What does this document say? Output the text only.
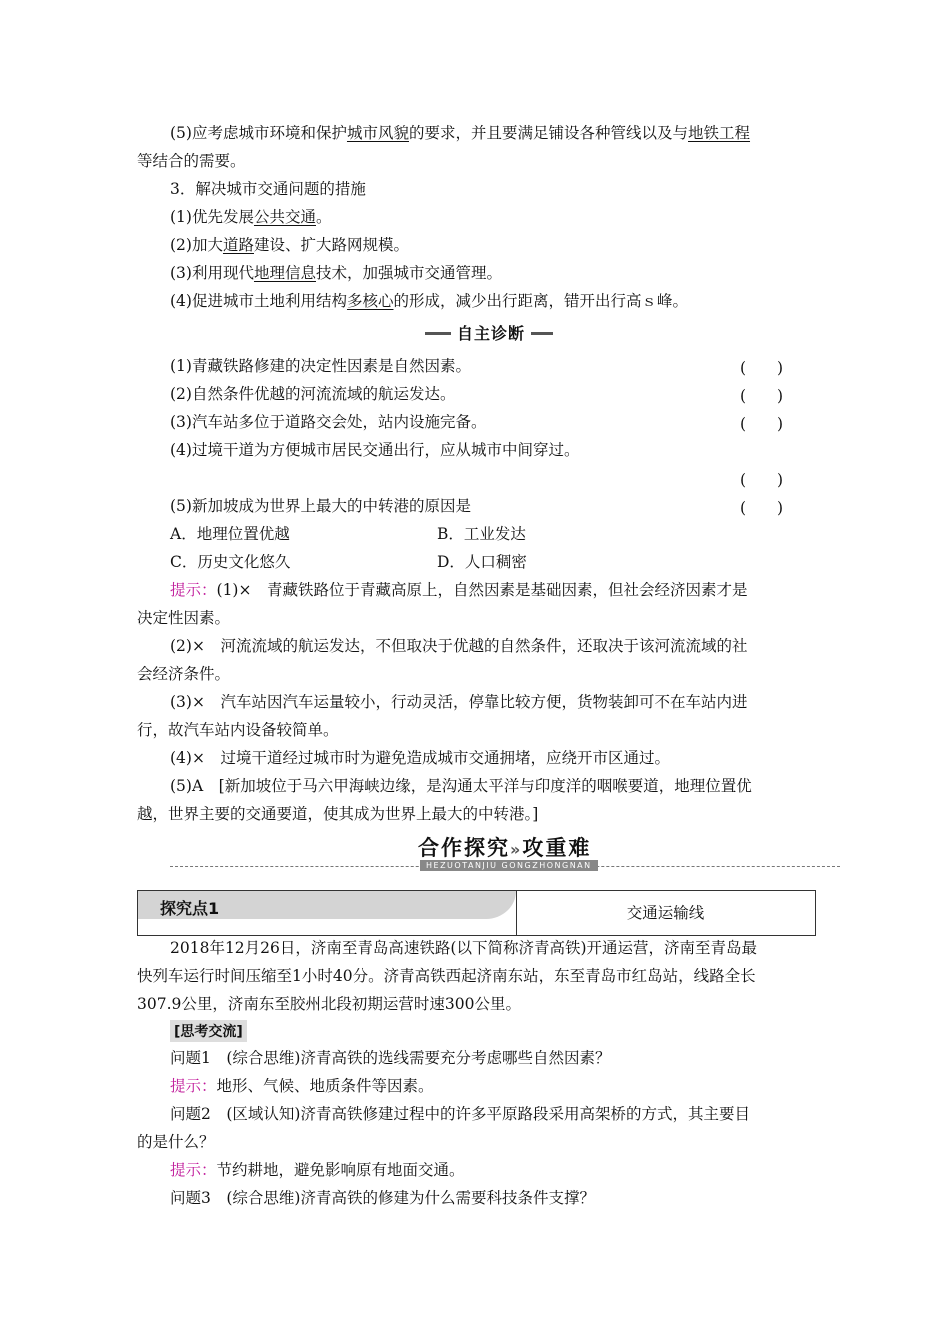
(5)应考虑城市环境和保护城市风貌的要求，并且要满足铺设各种管线以及与地铁工程
等结合的需要。
3．解决城市交通问题的措施
(1)优先发展公共交通。
(2)加大道路建设、扩大路网规模。
(3)利用现代地理信息技术，加强城市交通管理。
(4)促进城市土地利用结构多核心的形成，减少出行距离，错开出行高ｓ峰。
自主诊断
(1)青藏铁路修建的决定性因素是自然因素。	(　　)
(2)自然条件优越的河流流域的航运发达。	(　　)
(3)汽车站多位于道路交会处，站内设施完备。	(　　)
(4)过境干道为方便城市居民交通出行，应从城市中间穿过。
(　　)
(5)新加坡成为世界上最大的中转港的原因是	(　　)
A．地理位置优越	B．工业发达
C．历史文化悠久	D．人口稠密
提示：(1)×　青藏铁路位于青藏高原上，自然因素是基础因素，但社会经济因素才是
决定性因素。
(2)×　河流流域的航运发达，不但取决于优越的自然条件，还取决于该河流流域的社
会经济条件。
(3)×　汽车站因汽车运量较小，行动灵活，停靠比较方便，货物装卸可不在车站内进
行，故汽车站内设备较简单。
(4)×　过境干道经过城市时为避免造成城市交通拥堵，应绕开市区通过。
(5)A　[新加坡位于马六甲海峡边缘，是沟通太平洋与印度洋的咽喉要道，地理位置优
越，世界主要的交通要道，使其成为世界上最大的中转港。]
合作探究»攻重难
HEZUOTANJIU GONGZHONGNAN
探究点1	交通运输线
2018年12月26日，济南至青岛高速铁路(以下简称济青高铁)开通运营，济南至青岛最
快列车运行时间压缩至1小时40分。济青高铁西起济南东站，东至青岛市红岛站，线路全长
307.9公里，济南东至胶州北段初期运营时速300公里。
[思考交流]
问题1　(综合思维)济青高铁的选线需要充分考虑哪些自然因素？
提示：地形、气候、地质条件等因素。
问题2　(区域认知)济青高铁修建过程中的许多平原路段采用高架桥的方式，其主要目
的是什么？
提示：节约耕地，避免影响原有地面交通。
问题3　(综合思维)济青高铁的修建为什么需要科技条件支撑？
